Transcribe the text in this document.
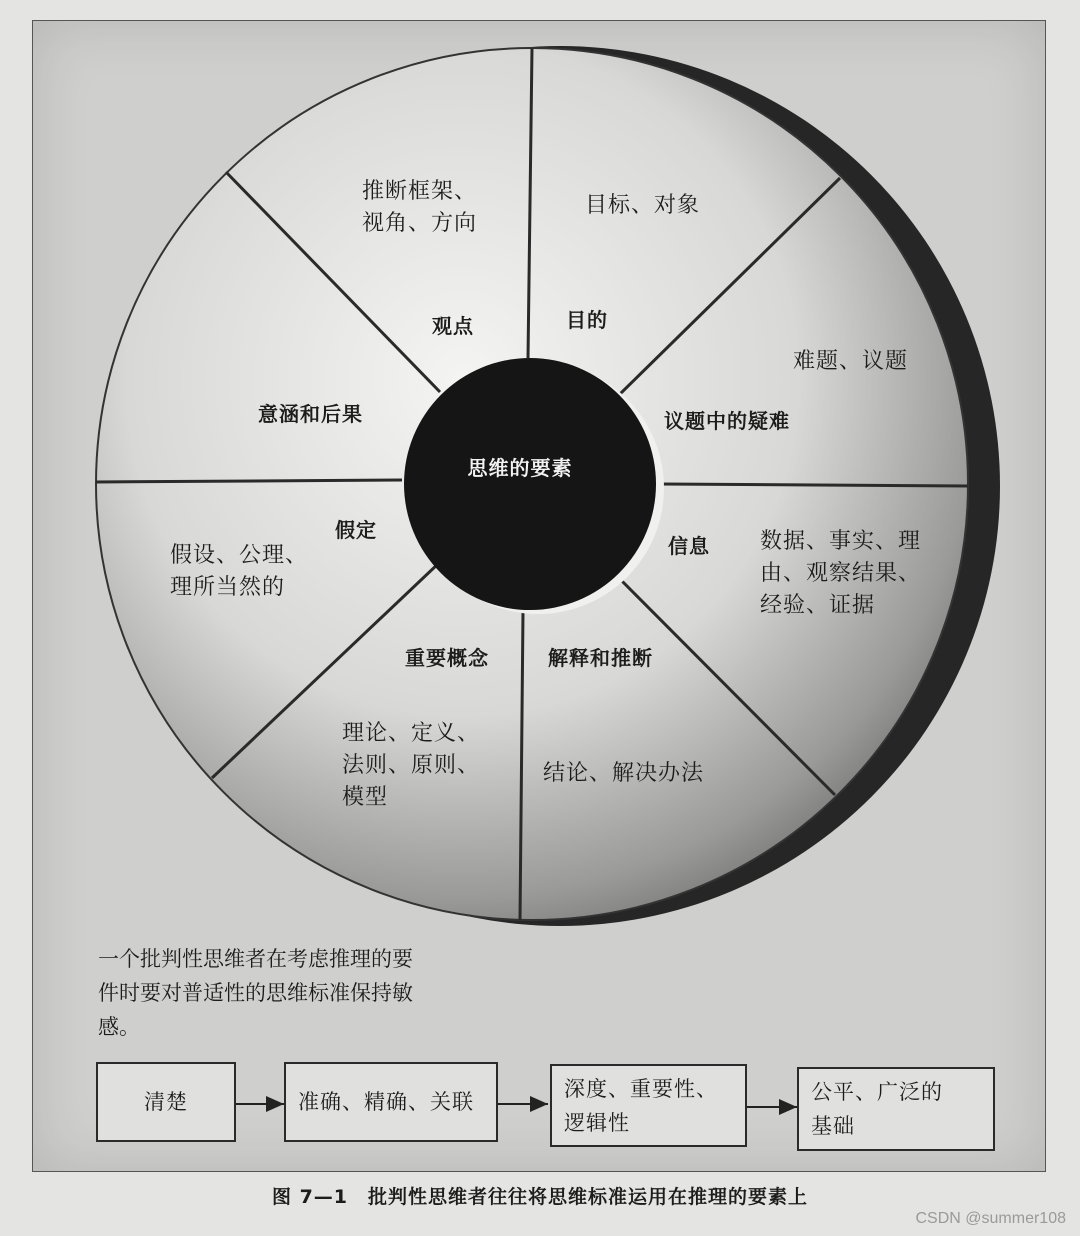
思维的要素
目的
目标、对象
议题中的疑难
难题、议题
信息 数据、事实、理
由、观察结果、
经验、证据
解释和推断
结论、解决办法
重要概念
理论、定义、
法则、原则、
模型
假定
假设、公理、
理所当然的
意涵和后果
观点
推断框架、
视角、方向
一个批判性思维者在考虑推理的要件时要对普适性的思维标准保持敏感。
清楚	准确、精确、关联
深度、重要性、
逻辑性
公平、广泛的
基础
图 7—1　批判性思维者往往将思维标准运用在推理的要素上
CSDN @summer108
